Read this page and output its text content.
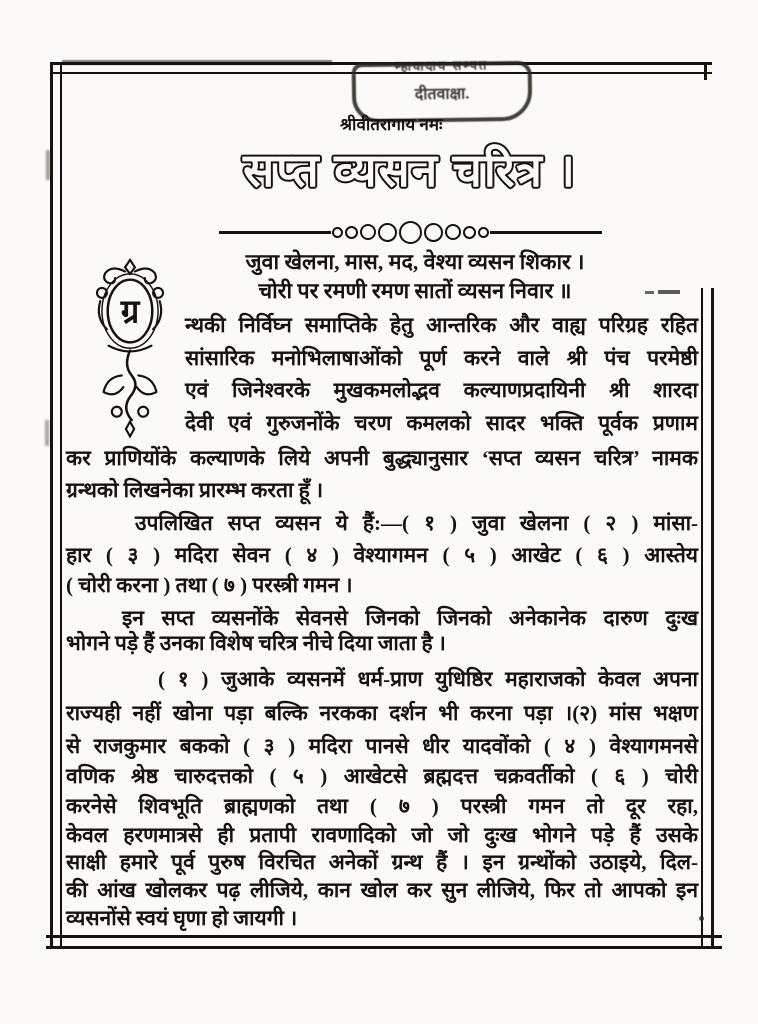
म्हावादाय सम्पत
दीतवाक्षा.
श्रीवीतरागाय नमः
सप्त व्यसन चरित्र ।
जुवा खेलना, मास, मद, वेश्या व्यसन शिकार ।
चोरी पर रमणी रमण सातों व्यसन निवार ॥
ग्र न्थकी निर्विघ्न समाप्तिके हेतु आन्तरिक और वाह्य परिग्रह रहित
सांसारिक मनोभिलाषाओंको पूर्ण करने वाले श्री पंच परमेष्ठी
एवं जिनेश्वरके मुखकमलोद्भव कल्याणप्रदायिनी श्री शारदा
देवी एवं गुरुजनोंके चरण कमलको सादर भक्ति पूर्वक प्रणाम
कर प्राणियोंके कल्याणके लिये अपनी बुद्ध्यानुसार ‘सप्त व्यसन चरित्र’ नामक
ग्रन्थको लिखनेका प्रारम्भ करता हूँ ।
उपलिखित सप्त व्यसन ये हैं:—( १ ) जुवा खेलना ( २ ) मांसा-
हार ( ३ ) मदिरा सेवन ( ४ ) वेश्यागमन ( ५ ) आखेट ( ६ ) आस्तेय
( चोरी करना ) तथा ( ७ ) परस्त्री गमन ।
इन सप्त व्यसनोंके सेवनसे जिनको जिनको अनेकानेक दारुण दुःख
भोगने पड़े हैं उनका विशेष चरित्र नीचे दिया जाता है ।
( १ ) जुआके व्यसनमें धर्म-प्राण युधिष्ठिर महाराजको केवल अपना
राज्यही नहीं खोना पड़ा बल्कि नरकका दर्शन भी करना पड़ा ।(२) मांस भक्षण
से राजकुमार बकको ( ३ ) मदिरा पानसे धीर यादवोंको ( ४ ) वेश्यागमनसे
वणिक श्रेष्ठ चारुदत्तको ( ५ ) आखेटसे ब्रह्मदत्त चक्रवर्तीको ( ६ ) चोरी
करनेसे शिवभूति ब्राह्मणको तथा ( ७ ) परस्त्री गमन तो दूर रहा,
केवल हरणमात्रसे ही प्रतापी रावणादिको जो जो दुःख भोगने पड़े हैं उसके
साक्षी हमारे पूर्व पुरुष विरचित अनेकों ग्रन्थ हैं । इन ग्रन्थोंको उठाइये, दिल-
की आंख खोलकर पढ़ लीजिये, कान खोल कर सुन लीजिये, फिर तो आपको इन
व्यसनोंसे स्वयं घृणा हो जायगी ।
